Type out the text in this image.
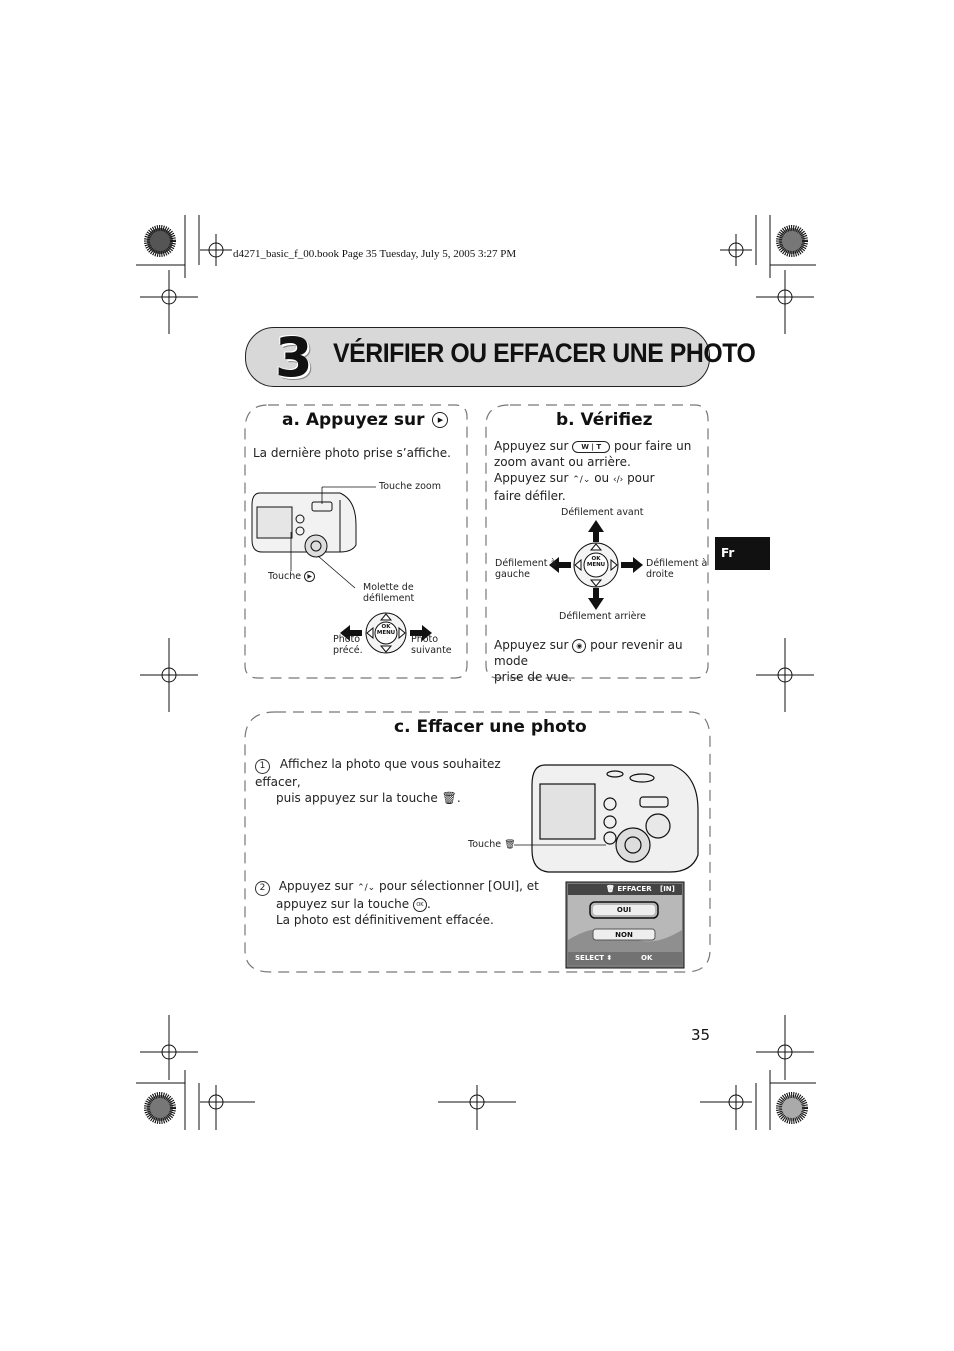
d4271_basic_f_00.book Page 35 Tuesday, July 5, 2005 3:27 PM
3 VÉRIFIER OU EFFACER UNE PHOTO
Fr
a. Appuyez sur ▶
La dernière photo prise s’affiche.
Touche zoom
Touche ▶
Molette de
défilement
Photo
précé.
Photo
suivante
OK
MENU
b. Vérifiez
Appuyez sur W | T pour faire un
zoom avant ou arrière.
Appuyez sur ⌃/⌄ ou ‹/› pour
faire défiler.
Défilement avant
Défilement à
gauche
Défilement à
droite
Défilement arrière
OK
MENU
Appuyez sur ◉ pour revenir au mode
prise de vue.
c. Effacer une photo
1 Affichez la photo que vous souhaitez effacer,
puis appuyez sur la touche 🗑.
Touche 🗑
2 Appuyez sur ⌃/⌄ pour sélectionner [OUI], et
appuyez sur la touche OK .
La photo est définitivement effacée.
🗑 EFFACER [IN]
OUI
NON
SELECT ⬍	OK
35
